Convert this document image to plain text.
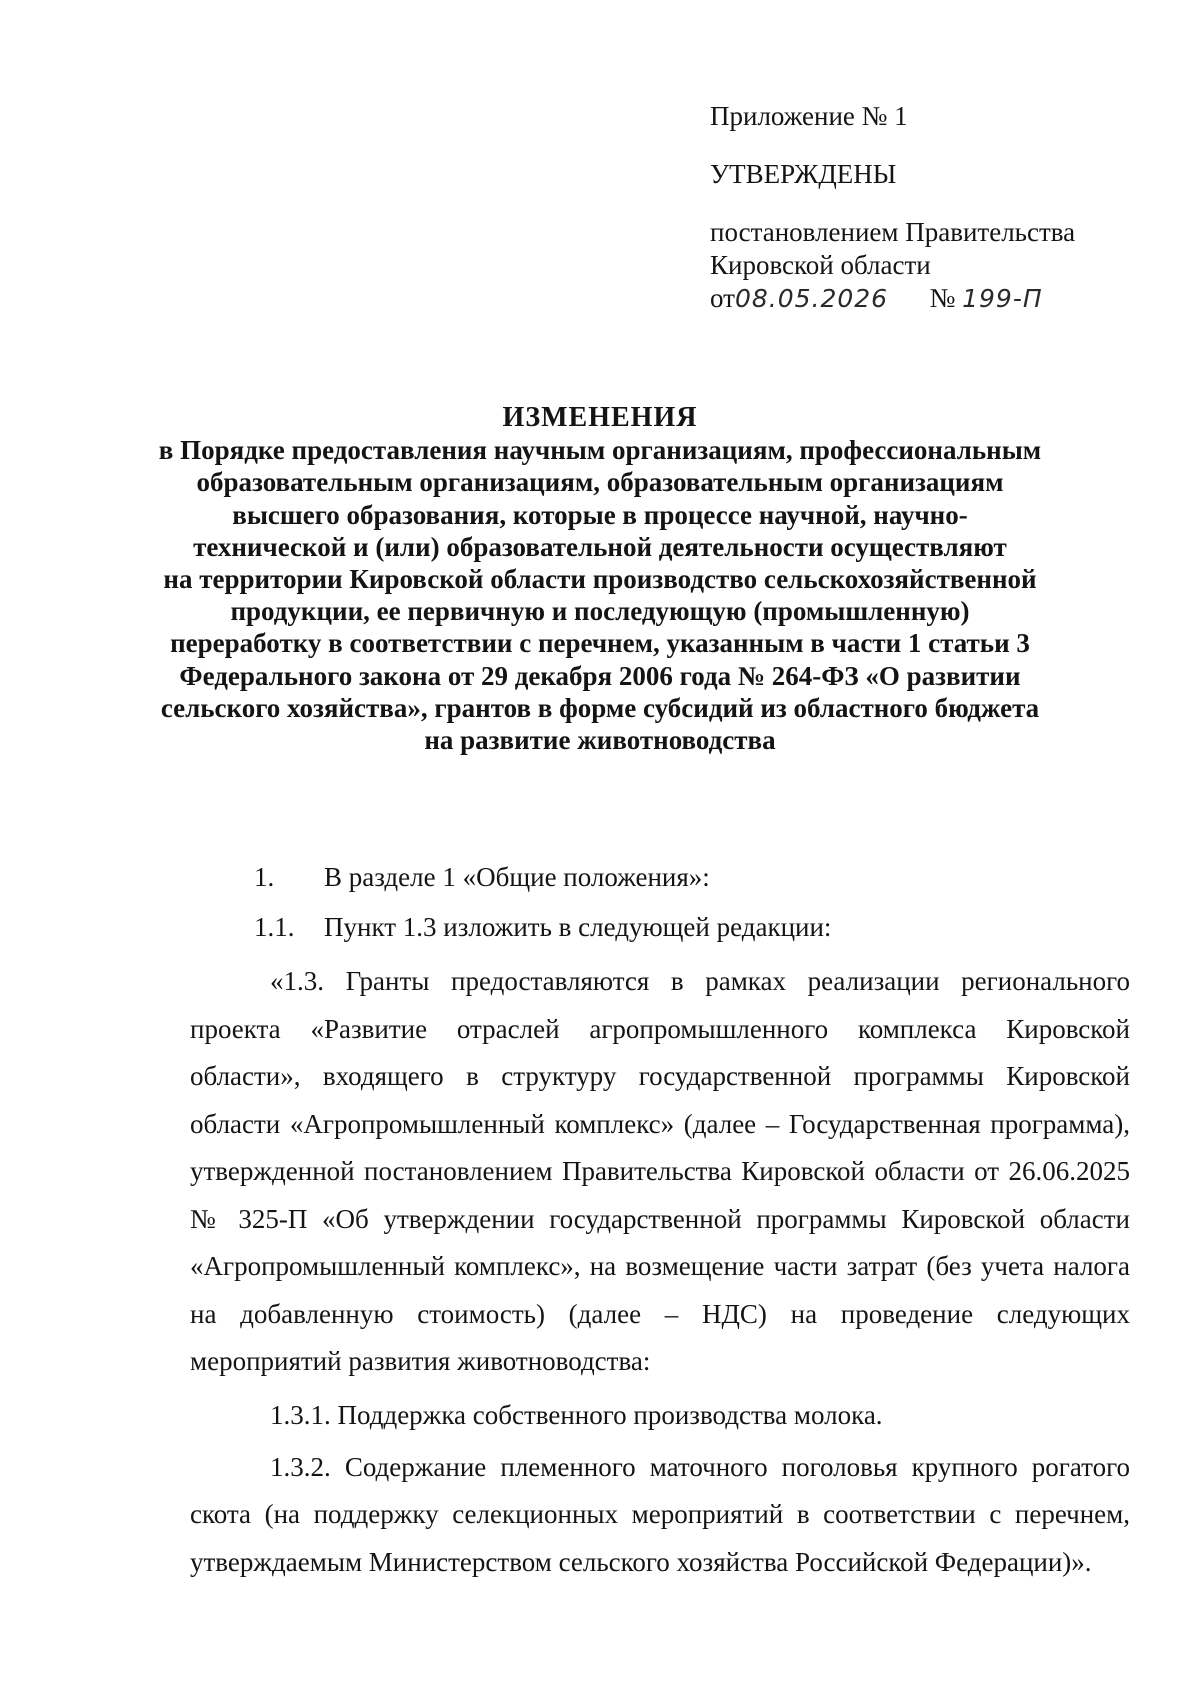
Приложение № 1
УТВЕРЖДЕНЫ
постановлением Правительства
Кировской области
от08.05.2026 № 199-П
ИЗМЕНЕНИЯ
в Порядке предоставления научным организациям, профессиональным
образовательным организациям, образовательным организациям
высшего образования, которые в процессе научной, научно-
технической и (или) образовательной деятельности осуществляют
на территории Кировской области производство сельскохозяйственной
продукции, ее первичную и последующую (промышленную)
переработку в соответствии с перечнем, указанным в части 1 статьи 3
Федерального закона от 29 декабря 2006 года № 264-ФЗ «О развитии
сельского хозяйства», грантов в форме субсидий из областного бюджета
на развитие животноводства
1. В разделе 1 «Общие положения»:
1.1. Пункт 1.3 изложить в следующей редакции:

«1.3. Гранты предоставляются в рамках реализации регионального проекта «Развитие отраслей агропромышленного комплекса Кировской области», входящего в структуру государственной программы Кировской области «Агропромышленный комплекс» (далее – Государственная программа), утвержденной постановлением Правительства Кировской области от 26.06.2025 № 325-П «Об утверждении государственной программы Кировской области «Агропромышленный комплекс», на возмещение части затрат (без учета налога на добавленную стоимость) (далее – НДС) на проведение следующих мероприятий развития животноводства:

1.3.1. Поддержка собственного производства молока.

1.3.2. Содержание племенного маточного поголовья крупного рогатого скота (на поддержку селекционных мероприятий в соответствии с перечнем, утверждаемым Министерством сельского хозяйства Российской Федерации)».
